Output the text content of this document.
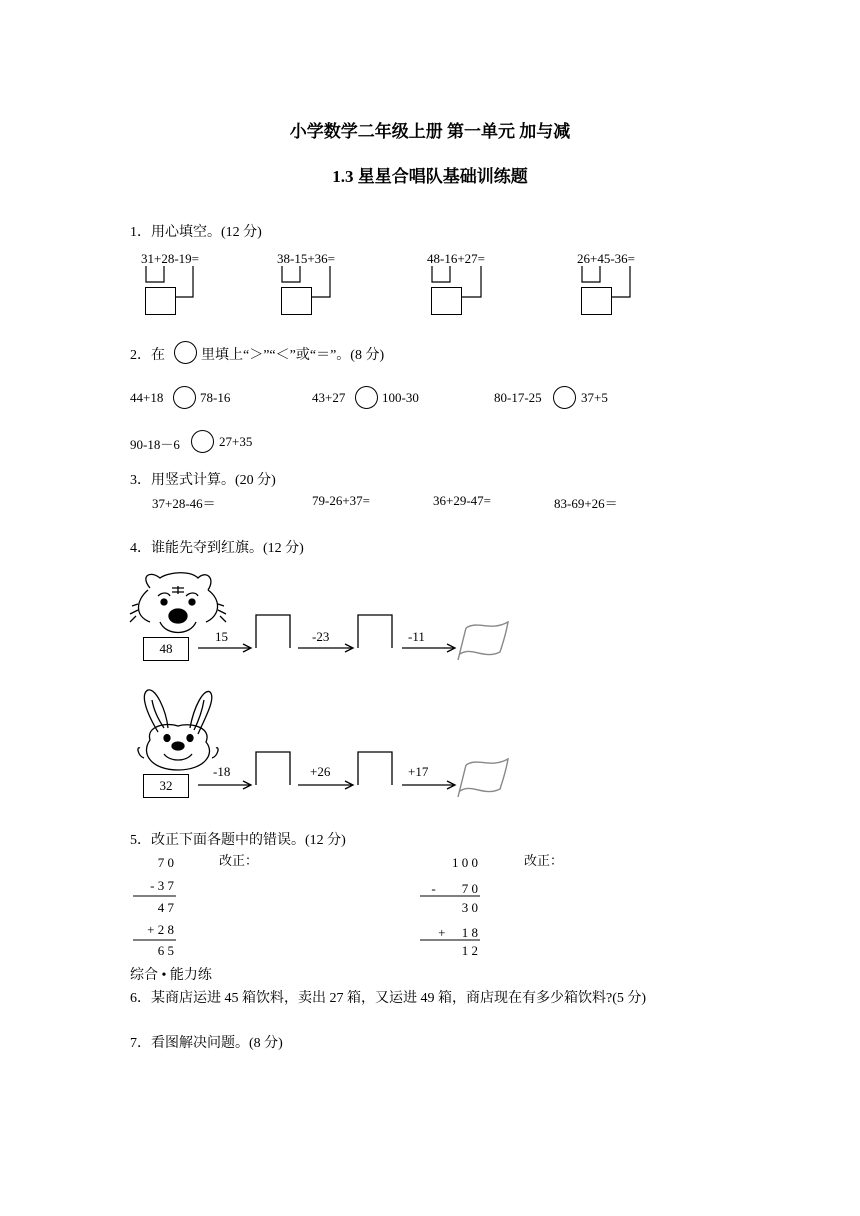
小学数学二年级上册 第一单元 加与减
1.3 星星合唱队基础训练题
1．用心填空。(12 分)
31+28-19=	38-15+36=	48-16+27=	26+45-36=
2．在	里填上“＞”“＜”或“＝”。(8 分)
44+18	78-16	43+27	100-30	80-17-25	37+5
90-18－6	27+35
3．用竖式计算。(20 分)
37+28-46＝	79-26+37=	36+29-47=	83-69+26＝
4．谁能先夺到红旗。(12 分)
48
15	-23	-11
32
-18	+26	+17
5．改正下面各题中的错误。(12 分)
改正：	改正：
7 0
- 3 7
4 7
+ 2 8
6 5
1 0 0
-　　7 0
3 0
+　 1 8
1 2
综合 • 能力练
6．某商店运进 45 箱饮料，卖出 27 箱，又运进 49 箱，商店现在有多少箱饮料?(5 分)
7．看图解决问题。(8 分)
